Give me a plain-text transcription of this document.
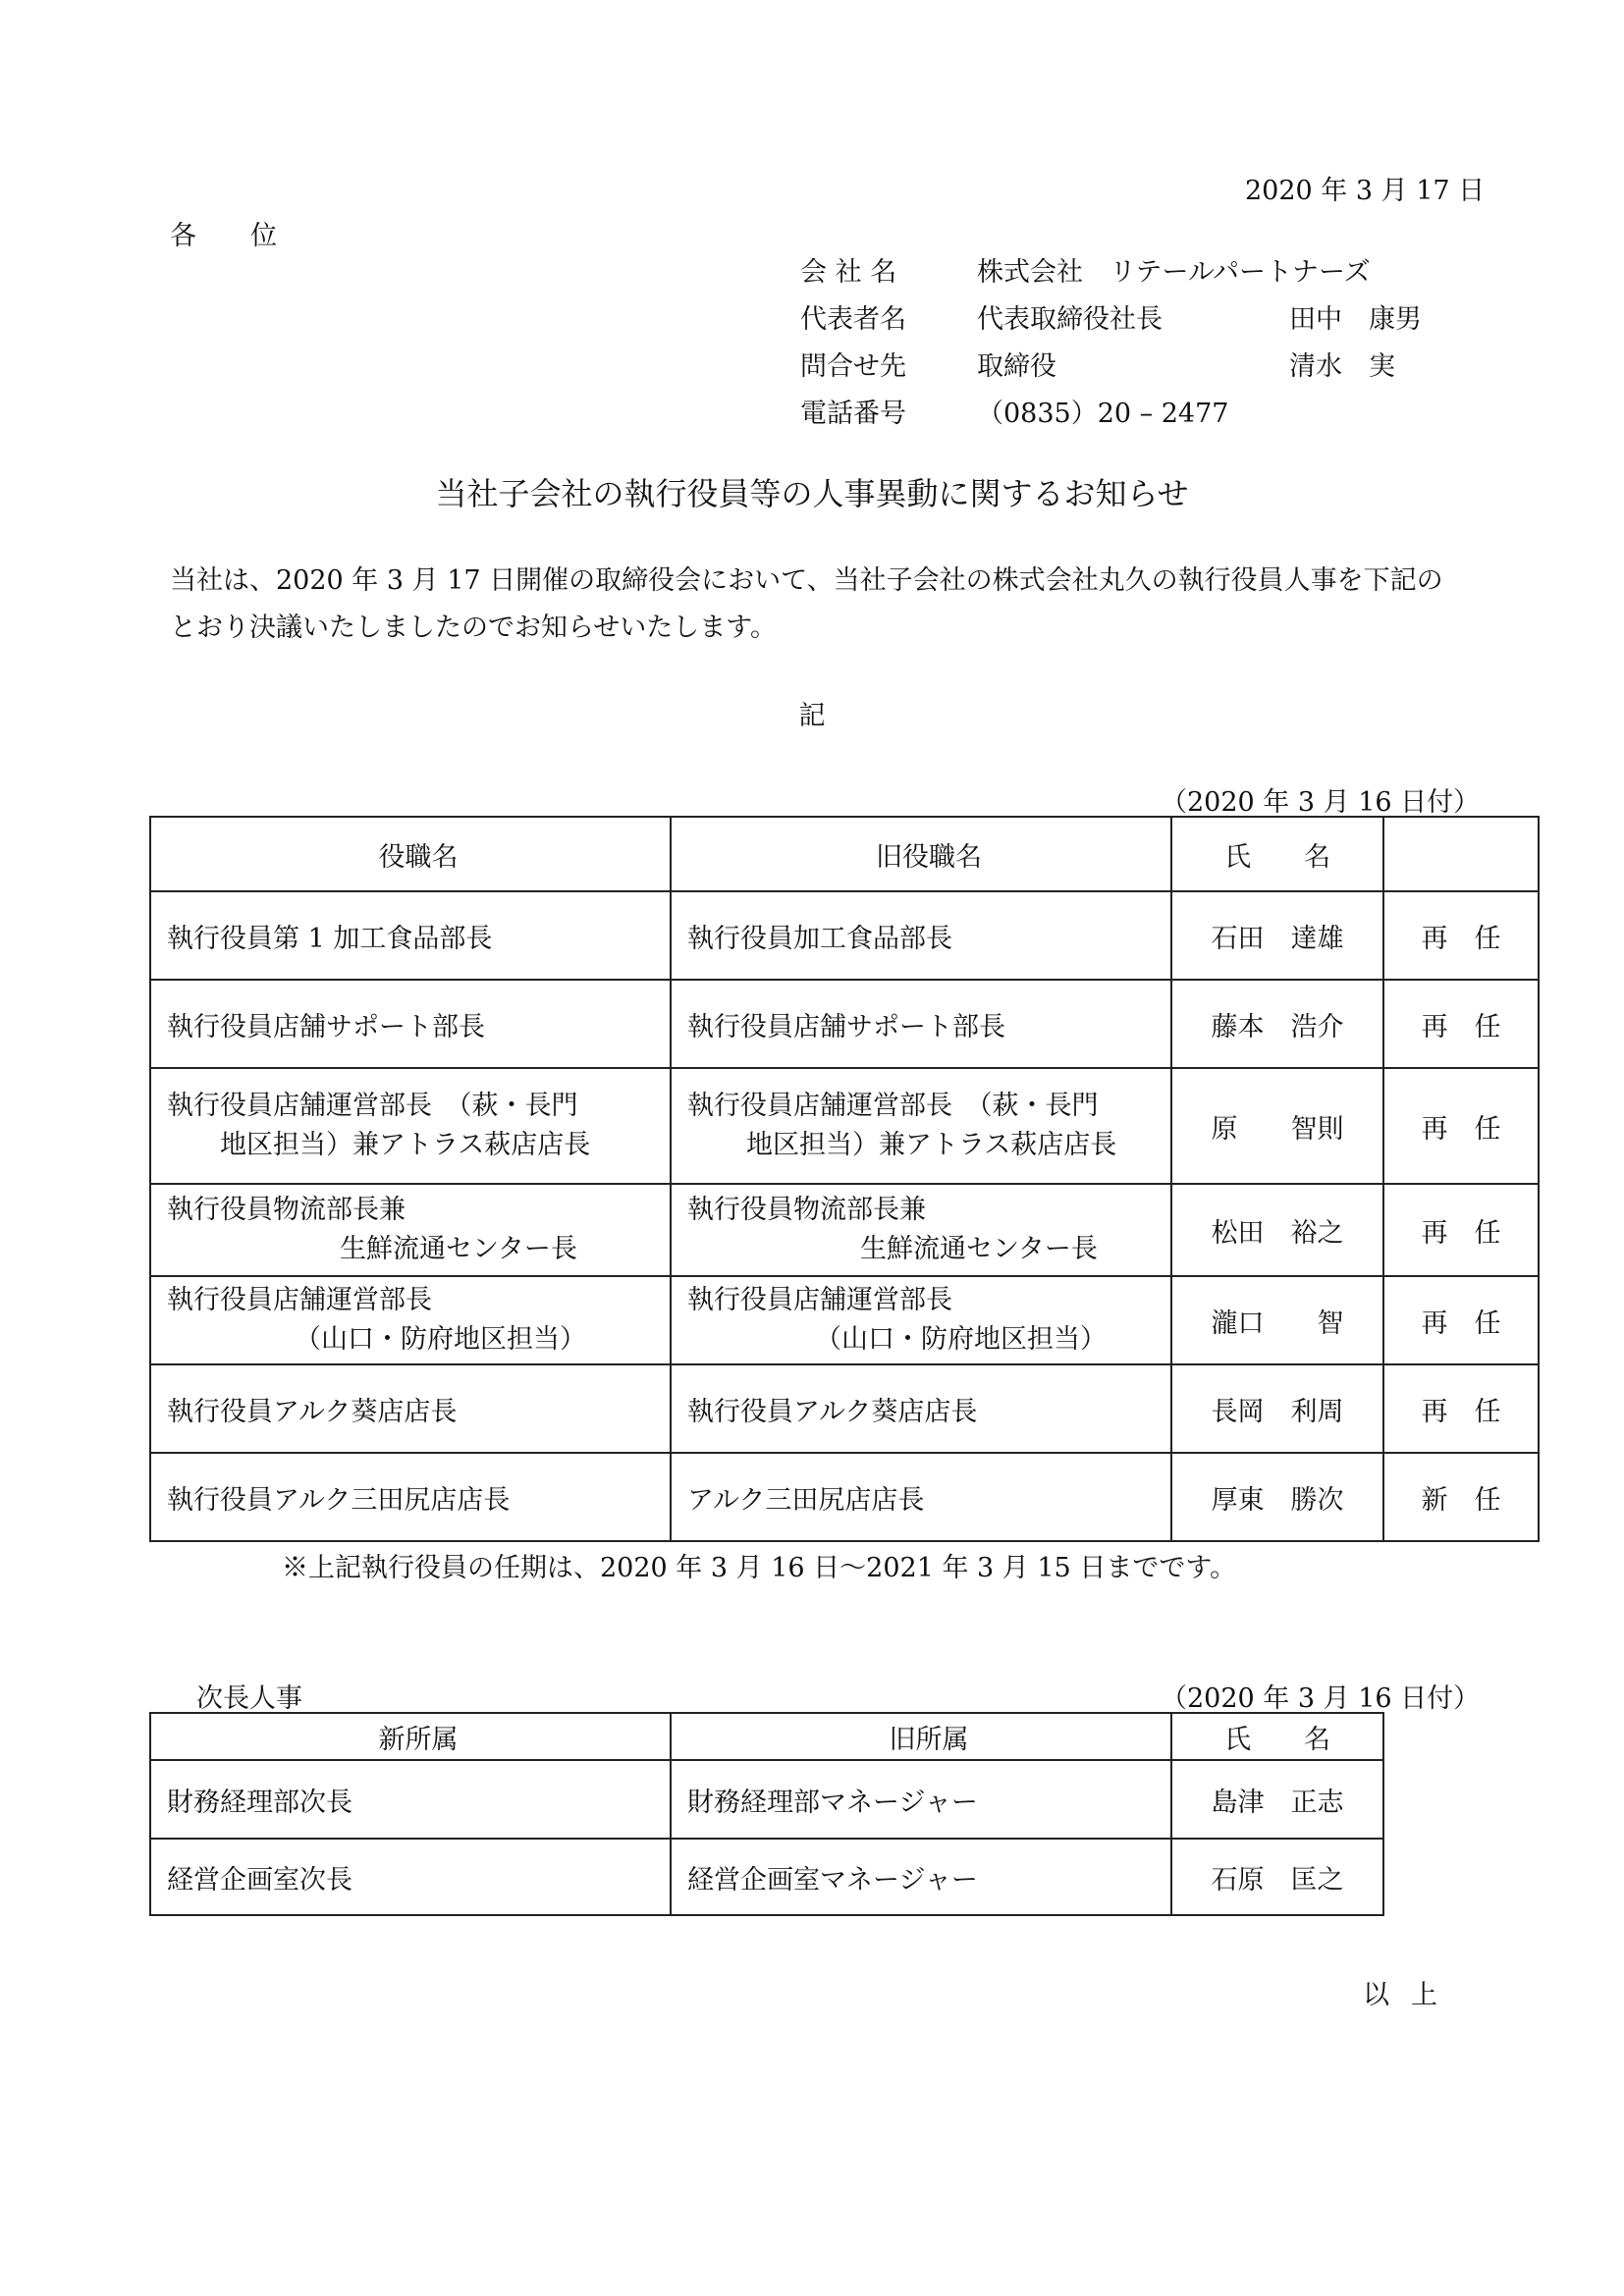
2020 年 3 月 17 日
各　位
会 社 名	株式会社　リテールパートナーズ
代表者名	代表取締役社長	田中　康男
問合せ先	取締役	清水　実
電話番号	（0835）20 – 2477
当社子会社の執行役員等の人事異動に関するお知らせ
当社は、2020 年 3 月 17 日開催の取締役会において、当社子会社の株式会社丸久の執行役員人事を下記のとおり決議いたしましたのでお知らせいたします。
記
（2020 年 3 月 16 日付）
役職名	旧役職名	氏　　名	
執行役員第 1 加工食品部長	執行役員加工食品部長	石田　達雄	再　任
執行役員店舗サポート部長	執行役員店舗サポート部長	藤本　浩介	再　任

執行役員店舗運営部長　（萩・長門
地区担当）兼アトラス萩店店長	執行役員店舗運営部長　（萩・長門
地区担当）兼アトラス萩店店長	原　　智則	再　任

執行役員物流部長兼
生鮮流通センター長	執行役員物流部長兼
生鮮流通センター長	松田　裕之	再　任

執行役員店舗運営部長
（山口・防府地区担当）	執行役員店舗運営部長
（山口・防府地区担当）	瀧口　　智	再　任
執行役員アルク葵店店長	執行役員アルク葵店店長	長岡　利周	再　任
執行役員アルク三田尻店店長	アルク三田尻店店長	厚東　勝次	新　任
※上記執行役員の任期は、2020 年 3 月 16 日～2021 年 3 月 15 日までです。
次長人事	（2020 年 3 月 16 日付）
新所属	旧所属	氏　　名
財務経理部次長	財務経理部マネージャー	島津　正志
経営企画室次長	経営企画室マネージャー	石原　匡之
以上
